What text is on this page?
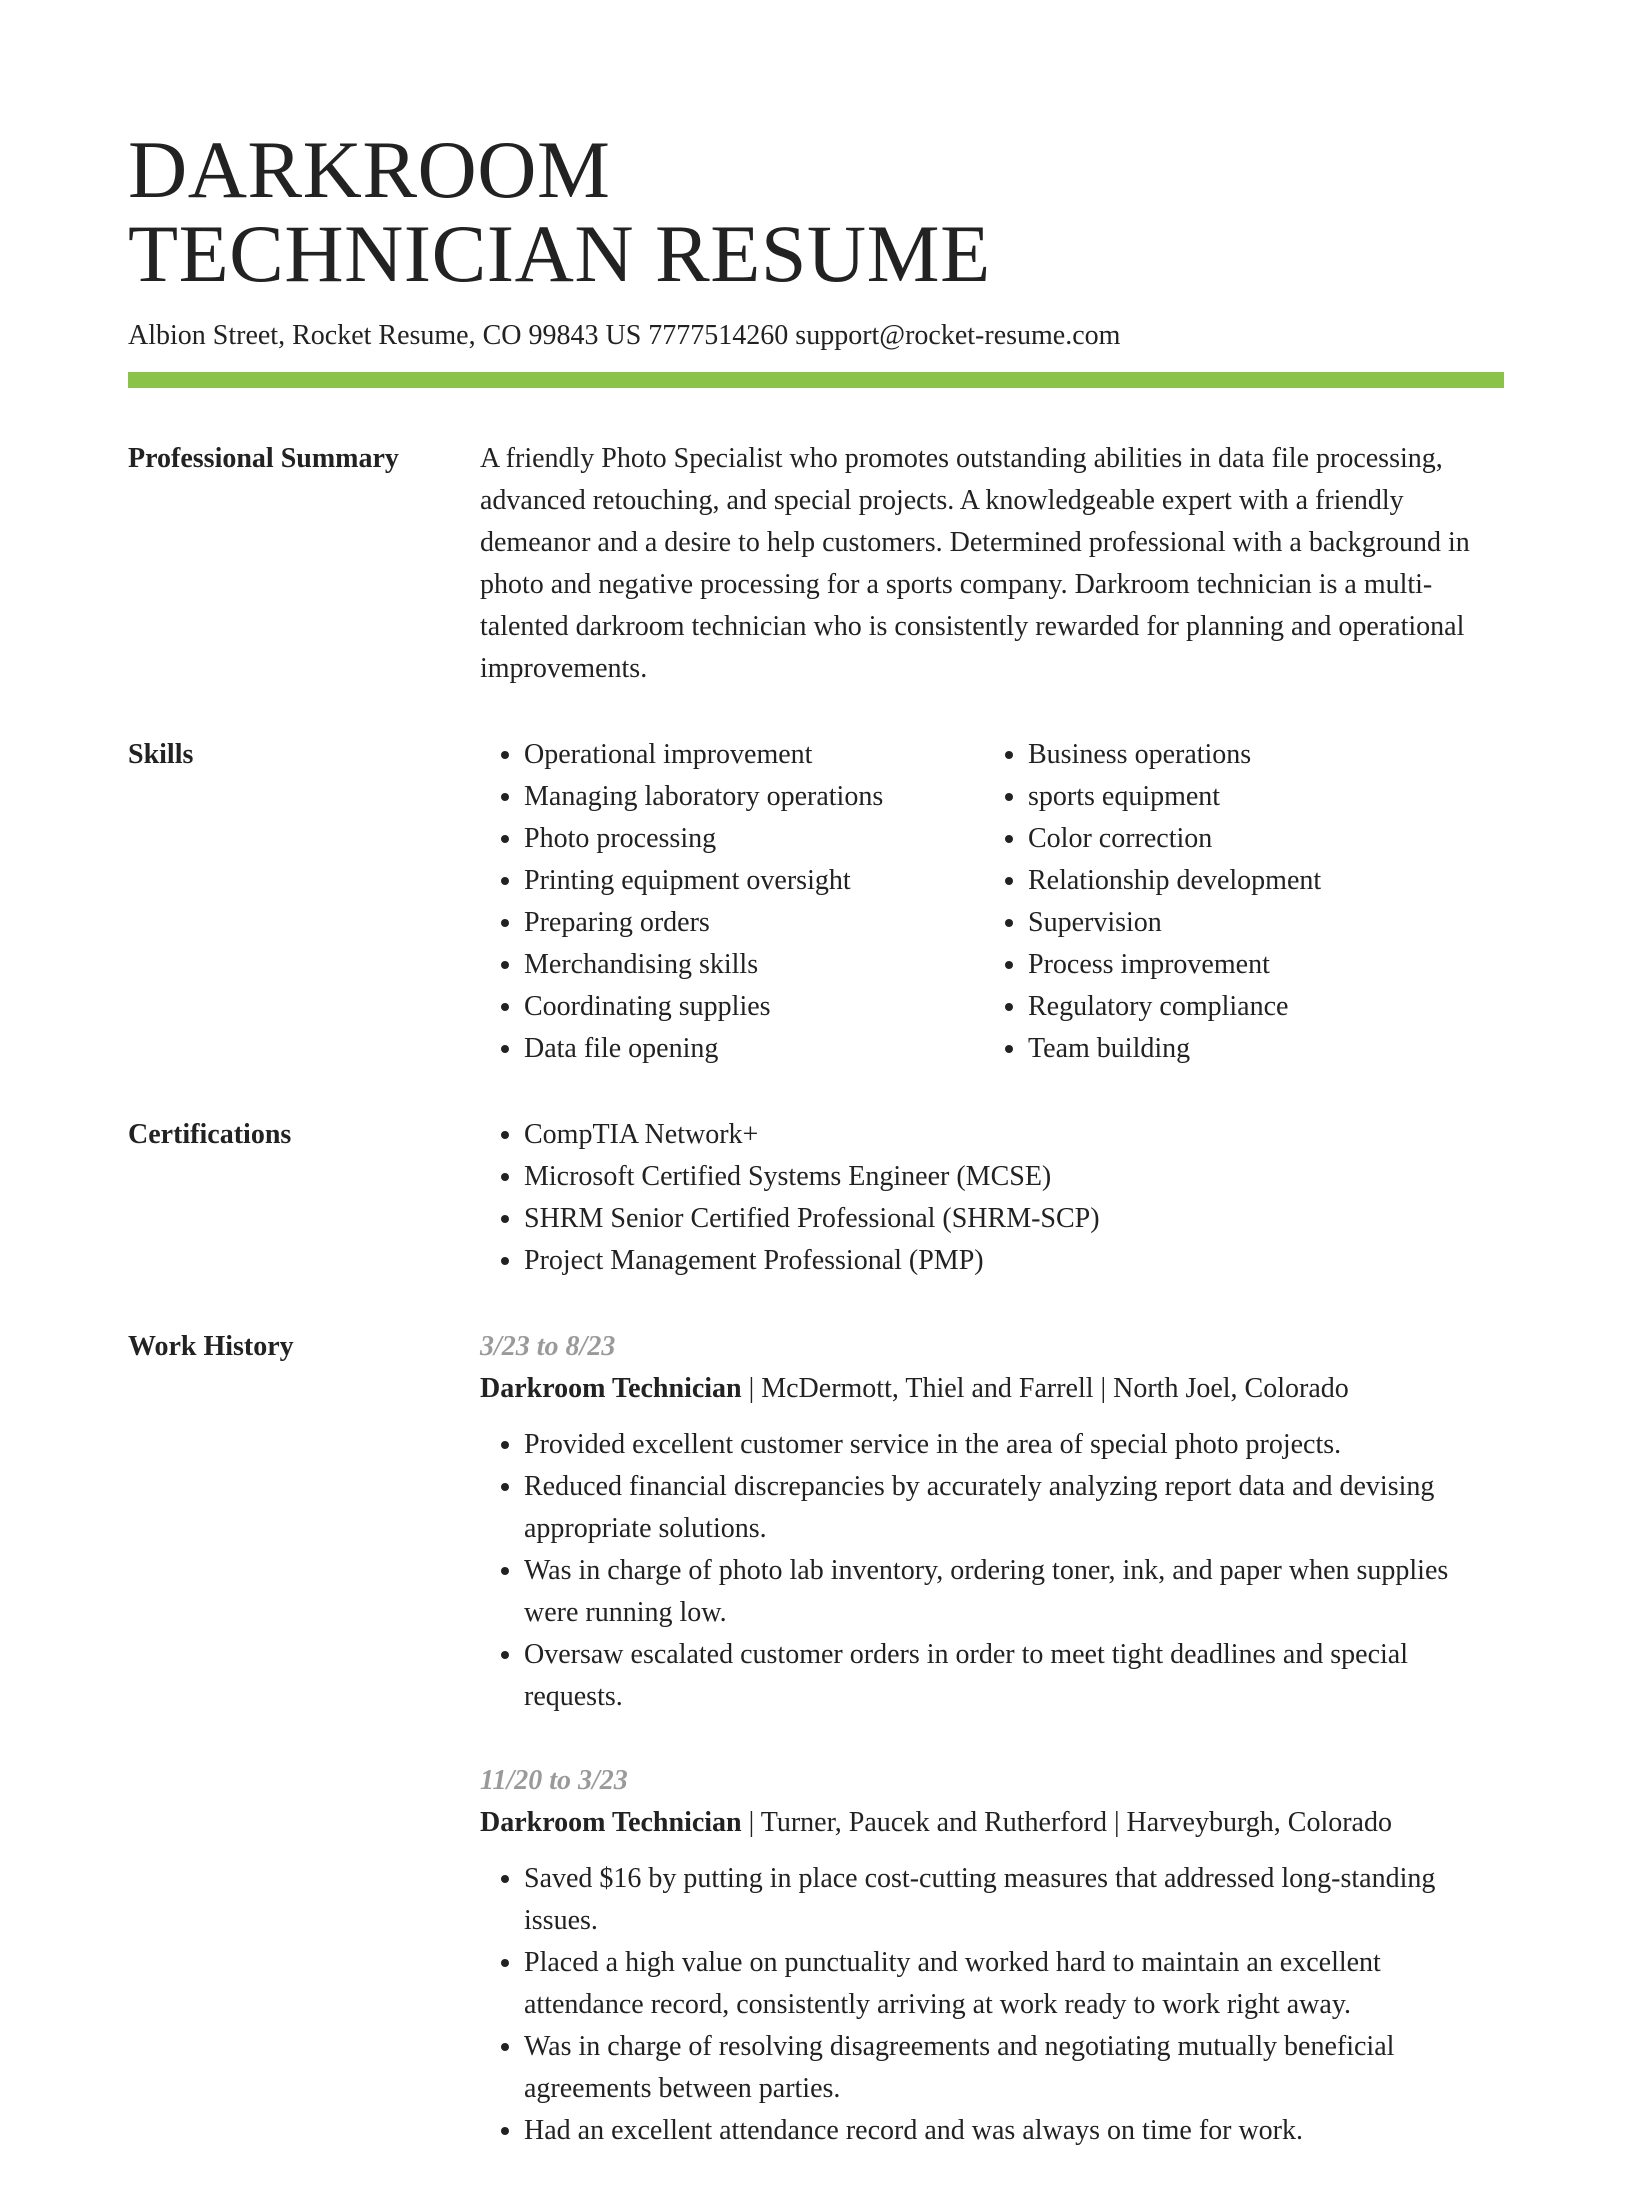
DARKROOM
TECHNICIAN RESUME
Albion Street, Rocket Resume, CO 99843 US 7777514260 support@rocket-resume.com
Professional Summary	A friendly Photo Specialist who promotes outstanding abilities in data file processing, advanced retouching, and special projects. A knowledgeable expert with a friendly demeanor and a desire to help customers. Determined professional with a background in photo and negative processing for a sports company. Darkroom technician is a multi-talented darkroom technician who is consistently rewarded for planning and operational improvements.

Skills	• Operational improvement
• Managing laboratory operations
• Photo processing
• Printing equipment oversight
• Preparing orders
• Merchandising skills
• Coordinating supplies
• Data file opening
• Business operations
• sports equipment
• Color correction
• Relationship development
• Supervision
• Process improvement
• Regulatory compliance
• Team building
Certifications	• CompTIA Network+
• Microsoft Certified Systems Engineer (MCSE)
• SHRM Senior Certified Professional (SHRM-SCP)
• Project Management Professional (PMP)
Work History	3/23 to 8/23
Darkroom Technician | McDermott, Thiel and Farrell | North Joel, Colorado
• Provided excellent customer service in the area of special photo projects.
• Reduced financial discrepancies by accurately analyzing report data and devising appropriate solutions.
• Was in charge of photo lab inventory, ordering toner, ink, and paper when supplies were running low.
• Oversaw escalated customer orders in order to meet tight deadlines and special requests.
11/20 to 3/23
Darkroom Technician | Turner, Paucek and Rutherford | Harveyburgh, Colorado
• Saved $16 by putting in place cost-cutting measures that addressed long-standing issues.
• Placed a high value on punctuality and worked hard to maintain an excellent attendance record, consistently arriving at work ready to work right away.
• Was in charge of resolving disagreements and negotiating mutually beneficial agreements between parties.
• Had an excellent attendance record and was always on time for work.
